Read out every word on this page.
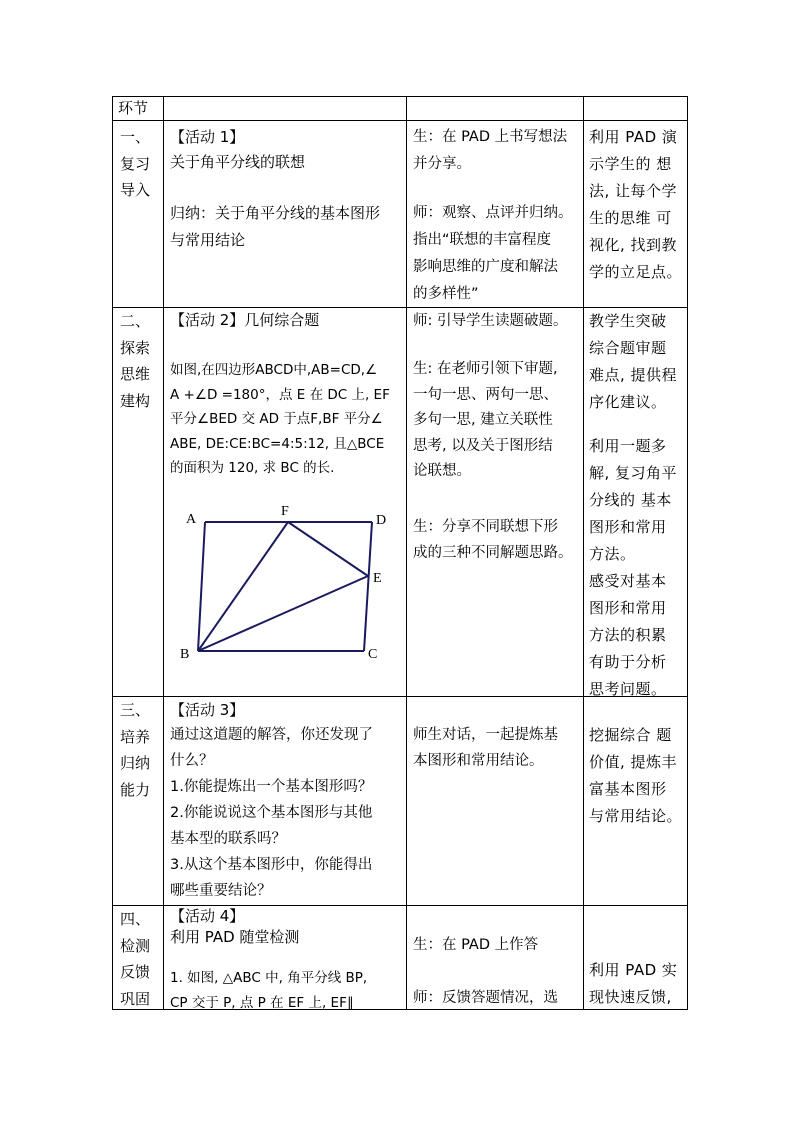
环节
一、
复习
导入
【活动 1】
关于角平分线的联想
归纳：关于角平分线的基本图形
与常用结论
生：在 PAD 上书写想法
并分享。
师：观察、点评并归纳。
指出“联想的丰富程度
影响思维的广度和解法
的多样性”
利用 PAD 演
示学生的 想
法, 让每个学
生的思维 可
视化, 找到教
学的立足点。
二、
探索
思维
建构
【活动 2】几何综合题
如图,在四边形ABCD中,AB=CD,∠
A +∠D =180°，点 E 在 DC 上, EF
平分∠BED 交 AD 于点F,BF 平分∠
ABE, DE:CE:BC=4:5:12, 且△BCE
的面积为 120, 求 BC 的长.
A
F
D
E
B	C
师: 引导学生读题破题。
生: 在老师引领下审题,
一句一思、两句一思、
多句一思, 建立关联性
思考, 以及关于图形结
论联想。
生：分享不同联想下形
成的三种不同解题思路。
教学生突破
综合题审题
难点, 提供程
序化建议。
利用一题多
解, 复习角平
分线的 基本
图形和常用
方法。
感受对基本
图形和常用
方法的积累
有助于分析
思考问题。
三、
培养
归纳
能力
【活动 3】
通过这道题的解答，你还发现了
什么？
1.你能提炼出一个基本图形吗？
2.你能说说这个基本图形与其他
基本型的联系吗？
3.从这个基本图形中，你能得出
哪些重要结论？
师生对话，一起提炼基
本图形和常用结论。
挖掘综合 题
价值, 提炼丰
富基本图形
与常用结论。
四、
检测
反馈
巩固
【活动 4】
利用 PAD 随堂检测
1. 如图, △ABC 中, 角平分线 BP,
CP 交于 P, 点 P 在 EF 上, EF∥
生：在 PAD 上作答
师：反馈答题情况，选
利用 PAD 实
现快速反馈,
